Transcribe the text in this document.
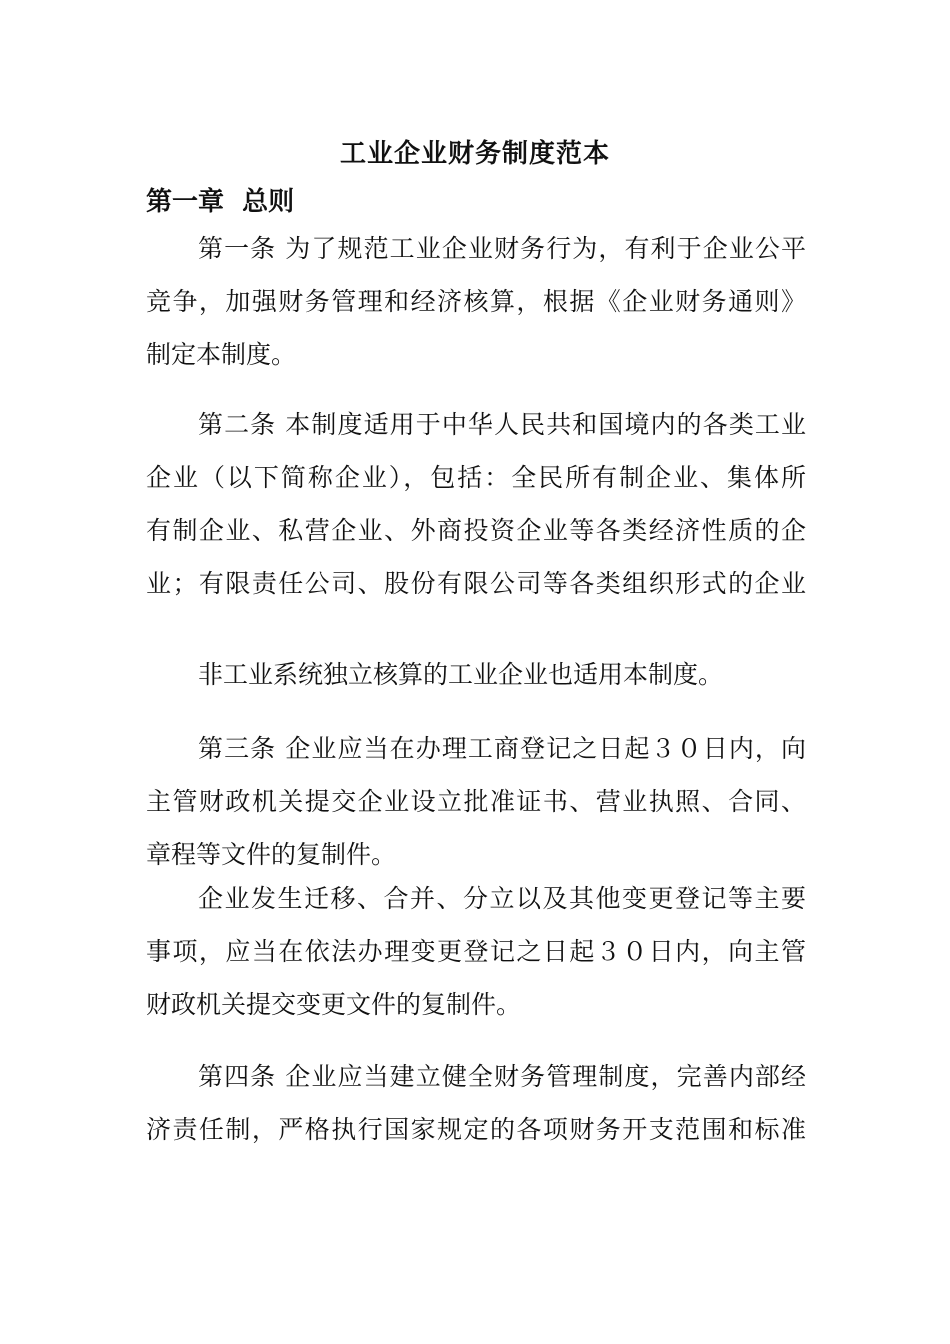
工业企业财务制度范本
第一章  总则

第一条 为了规范工业企业财务行为，有利于企业公平
竞争，加强财务管理和经济核算，根据《企业财务通则》
制定本制度。

第二条 本制度适用于中华人民共和国境内的各类工业
企业（以下简称企业），包括：全民所有制企业、集体所
有制企业、私营企业、外商投资企业等各类经济性质的企
业；有限责任公司、股份有限公司等各类组织形式的企业

非工业系统独立核算的工业企业也适用本制度。

第三条 企业应当在办理工商登记之日起３０日内，向
主管财政机关提交企业设立批准证书、营业执照、合同、
章程等文件的复制件。

企业发生迁移、合并、分立以及其他变更登记等主要
事项，应当在依法办理变更登记之日起３０日内，向主管
财政机关提交变更文件的复制件。

第四条 企业应当建立健全财务管理制度，完善内部经
济责任制，严格执行国家规定的各项财务开支范围和标准
